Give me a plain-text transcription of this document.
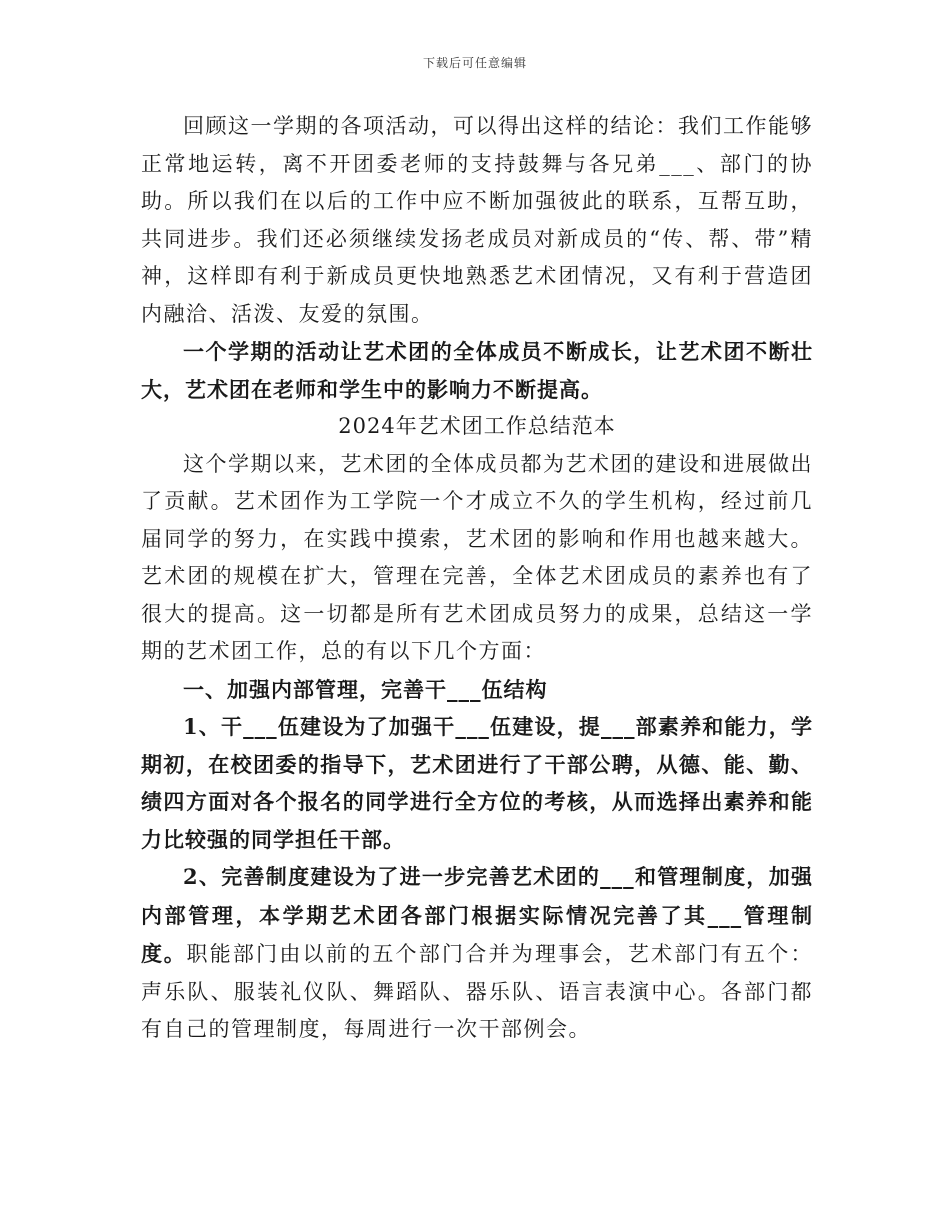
下载后可任意编辑

回顾这一学期的各项活动，可以得出这样的结论：我们工作能够正常地运转，离不开团委老师的支持鼓舞与各兄弟___、部门的协助。所以我们在以后的工作中应不断加强彼此的联系，互帮互助，共同进步。我们还必须继续发扬老成员对新成员的“传、帮、带”精神，这样即有利于新成员更快地熟悉艺术团情况，又有利于营造团内融洽、活泼、友爱的氛围。

一个学期的活动让艺术团的全体成员不断成长，让艺术团不断壮大，艺术团在老师和学生中的影响力不断提高。

2024年艺术团工作总结范本

这个学期以来，艺术团的全体成员都为艺术团的建设和进展做出了贡献。艺术团作为工学院一个才成立不久的学生机构，经过前几届同学的努力，在实践中摸索，艺术团的影响和作用也越来越大。艺术团的规模在扩大，管理在完善，全体艺术团成员的素养也有了很大的提高。这一切都是所有艺术团成员努力的成果，总结这一学期的艺术团工作，总的有以下几个方面：

一、加强内部管理，完善干___伍结构

1、干___伍建设为了加强干___伍建设，提___部素养和能力，学期初，在校团委的指导下，艺术团进行了干部公聘，从德、能、勤、绩四方面对各个报名的同学进行全方位的考核，从而选择出素养和能力比较强的同学担任干部。

2、完善制度建设为了进一步完善艺术团的___和管理制度，加强内部管理，本学期艺术团各部门根据实际情况完善了其___管理制度。职能部门由以前的五个部门合并为理事会，艺术部门有五个：声乐队、服装礼仪队、舞蹈队、器乐队、语言表演中心。各部门都有自己的管理制度，每周进行一次干部例会。
